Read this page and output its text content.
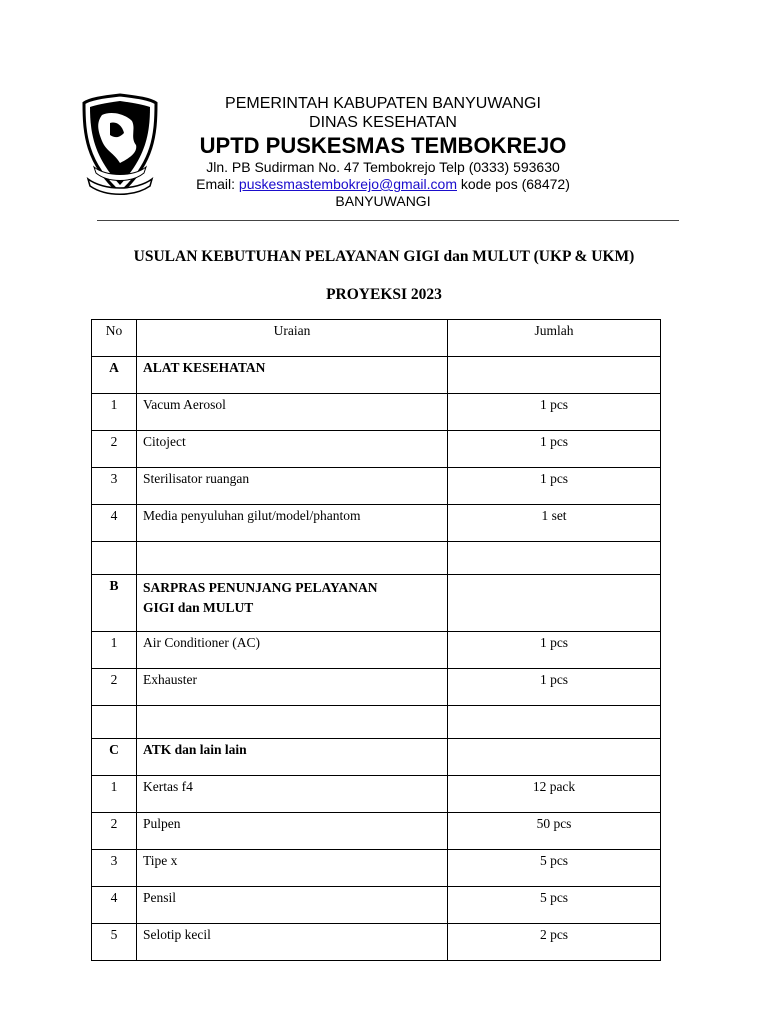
PEMERINTAH KABUPATEN BANYUWANGI
DINAS KESEHATAN
UPTD PUSKESMAS TEMBOKREJO
Jln. PB Sudirman No. 47 Tembokrejo Telp (0333) 593630
Email: puskesmastembokrejo@gmail.com kode pos (68472)
BANYUWANGI
USULAN KEBUTUHAN PELAYANAN GIGI dan MULUT (UKP & UKM)
PROYEKSI 2023
No	Uraian	Jumlah
A	ALAT KESEHATAN	
1	Vacum Aerosol	1 pcs
2	Citoject	1 pcs
3	Sterilisator ruangan	1 pcs
4	Media penyuluhan gilut/model/phantom	1 set

B	SARPRAS PENUNJANG PELAYANAN
GIGI dan MULUT	

1	Air Conditioner (AC)	1 pcs
2	Exhauster	1 pcs

C	ATK dan lain lain	
1	Kertas f4	12 pack
2	Pulpen	50 pcs
3	Tipe x	5 pcs
4	Pensil	5 pcs
5	Selotip kecil	2 pcs
